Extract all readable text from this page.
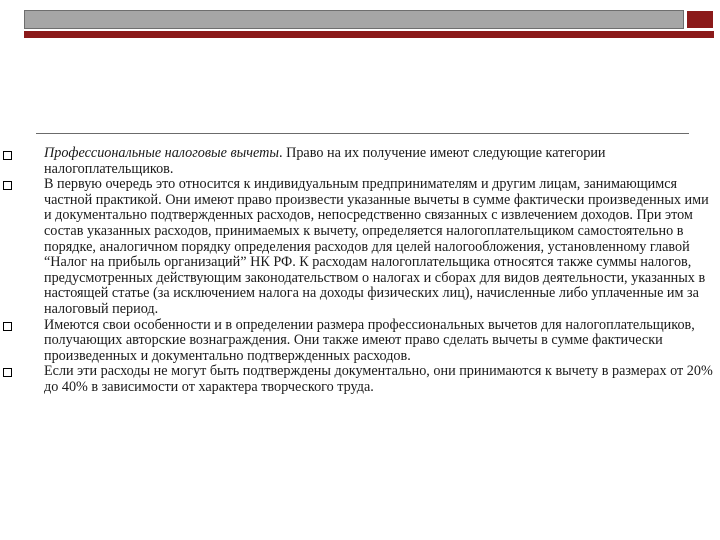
Профессиональные налоговые вычеты. Право на их получение имеют следующие категории налогоплательщиков.
В первую очередь это относится к индивидуальным предпринимателям и другим лицам, занимающимся частной практикой. Они имеют право произвести указанные вычеты в сумме фактически произведенных ими и документально подтвержденных расходов, непосредственно связанных с извлечением доходов. При этом состав указанных расходов, принимаемых к вычету, определяется налогоплательщиком самостоятельно в порядке, аналогичном порядку определения расходов для целей налогообложения, установленному главой “Налог на прибыль организаций” НК РФ. К расходам налогоплательщика относятся также суммы налогов, предусмотренных действующим законодательством о налогах и сборах для видов деятельности, указанных в настоящей статье (за исключением налога на доходы физических лиц), начисленные либо уплаченные им за налоговый период.
Имеются свои особенности и в определении размера профессиональных вычетов для налогоплательщиков, получающих авторские вознаграждения. Они также имеют право сделать вычеты в сумме фактически произведенных и документально подтвержденных расходов.
Если эти расходы не могут быть подтверждены документально, они принимаются к вычету в размерах от 20% до 40% в зависимости от характера творческого труда.
